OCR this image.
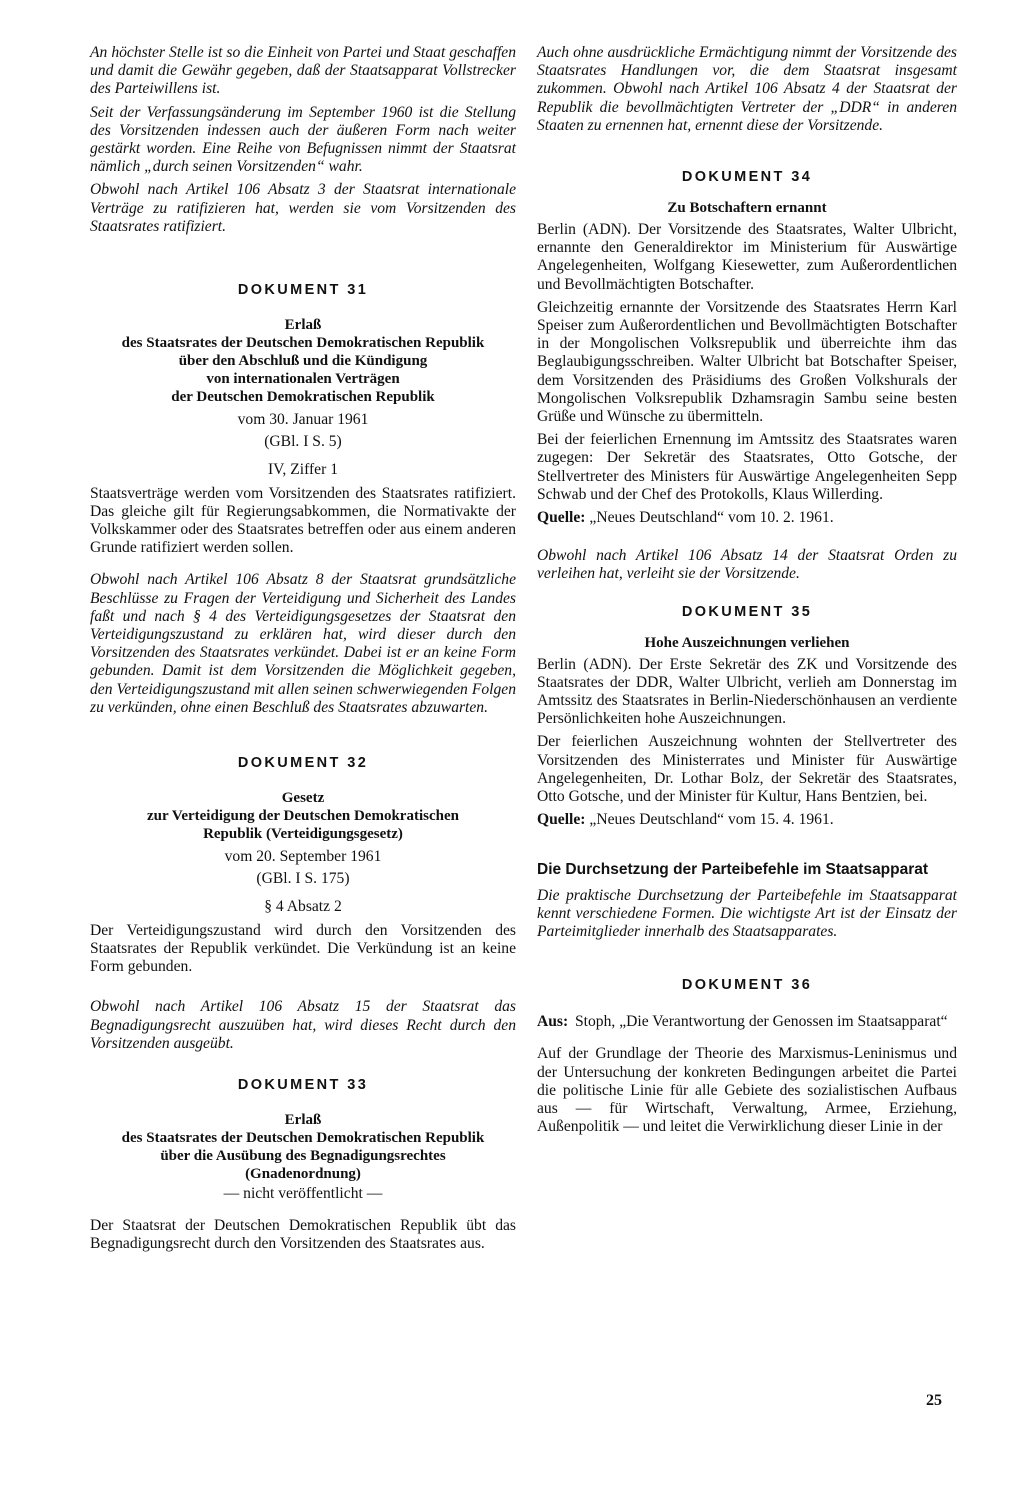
An höchster Stelle ist so die Einheit von Partei und Staat geschaffen und damit die Gewähr gegeben, daß der Staatsapparat Vollstrecker des Parteiwillens ist.

Seit der Verfassungsänderung im September 1960 ist die Stellung des Vorsitzenden indessen auch der äußeren Form nach weiter gestärkt worden. Eine Reihe von Befugnissen nimmt der Staatsrat nämlich „durch seinen Vorsitzenden“ wahr.

Obwohl nach Artikel 106 Absatz 3 der Staatsrat internationale Verträge zu ratifizieren hat, werden sie vom Vorsitzenden des Staatsrates ratifiziert.

DOKUMENT 31
Erlaß
des Staatsrates der Deutschen Demokratischen Republik
über den Abschluß und die Kündigung
von internationalen Verträgen
der Deutschen Demokratischen Republik
vom 30. Januar 1961
(GBl. I S. 5)
IV, Ziffer 1

Staatsverträge werden vom Vorsitzenden des Staatsrates ratifiziert. Das gleiche gilt für Regierungsabkommen, die Normativakte der Volkskammer oder des Staatsrates betreffen oder aus einem anderen Grunde ratifiziert werden sollen.

Obwohl nach Artikel 106 Absatz 8 der Staatsrat grundsätzliche Beschlüsse zu Fragen der Verteidigung und Sicherheit des Landes faßt und nach § 4 des Verteidigungsgesetzes der Staatsrat den Verteidigungszustand zu erklären hat, wird dieser durch den Vorsitzenden des Staatsrates verkündet. Dabei ist er an keine Form gebunden. Damit ist dem Vorsitzenden die Möglichkeit gegeben, den Verteidigungszustand mit allen seinen schwerwiegenden Folgen zu verkünden, ohne einen Beschluß des Staatsrates abzuwarten.

DOKUMENT 32
Gesetz
zur Verteidigung der Deutschen Demokratischen
Republik (Verteidigungsgesetz)
vom 20. September 1961
(GBl. I S. 175)
§ 4 Absatz 2

Der Verteidigungszustand wird durch den Vorsitzenden des Staatsrates der Republik verkündet. Die Verkündung ist an keine Form gebunden.

Obwohl nach Artikel 106 Absatz 15 der Staatsrat das Begnadigungsrecht auszuüben hat, wird dieses Recht durch den Vorsitzenden ausgeübt.

DOKUMENT 33
Erlaß
des Staatsrates der Deutschen Demokratischen Republik
über die Ausübung des Begnadigungsrechtes
(Gnadenordnung)
— nicht veröffentlicht —

Der Staatsrat der Deutschen Demokratischen Republik übt das Begnadigungsrecht durch den Vorsitzenden des Staatsrates aus.

Auch ohne ausdrückliche Ermächtigung nimmt der Vorsitzende des Staatsrates Handlungen vor, die dem Staatsrat insgesamt zukommen. Obwohl nach Artikel 106 Absatz 4 der Staatsrat der Republik die bevollmächtigten Vertreter der „DDR“ in anderen Staaten zu ernennen hat, ernennt diese der Vorsitzende.

DOKUMENT 34
Zu Botschaftern ernannt

Berlin (ADN). Der Vorsitzende des Staatsrates, Walter Ulbricht, ernannte den Generaldirektor im Ministerium für Auswärtige Angelegenheiten, Wolfgang Kiesewetter, zum Außerordentlichen und Bevollmächtigten Botschafter.

Gleichzeitig ernannte der Vorsitzende des Staatsrates Herrn Karl Speiser zum Außerordentlichen und Bevollmächtigten Botschafter in der Mongolischen Volksrepublik und überreichte ihm das Beglaubigungsschreiben. Walter Ulbricht bat Botschafter Speiser, dem Vorsitzenden des Präsidiums des Großen Volkshurals der Mongolischen Volksrepublik Dzhamsragin Sambu seine besten Grüße und Wünsche zu übermitteln.

Bei der feierlichen Ernennung im Amtssitz des Staatsrates waren zugegen: Der Sekretär des Staatsrates, Otto Gotsche, der Stellvertreter des Ministers für Auswärtige Angelegenheiten Sepp Schwab und der Chef des Protokolls, Klaus Willerding.

Quelle: „Neues Deutschland“ vom 10. 2. 1961.

Obwohl nach Artikel 106 Absatz 14 der Staatsrat Orden zu verleihen hat, verleiht sie der Vorsitzende.

DOKUMENT 35
Hohe Auszeichnungen verliehen

Berlin (ADN). Der Erste Sekretär des ZK und Vorsitzende des Staatsrates der DDR, Walter Ulbricht, verlieh am Donnerstag im Amtssitz des Staatsrates in Berlin-Niederschönhausen an verdiente Persönlichkeiten hohe Auszeichnungen.

Der feierlichen Auszeichnung wohnten der Stellvertreter des Vorsitzenden des Ministerrates und Minister für Auswärtige Angelegenheiten, Dr. Lothar Bolz, der Sekretär des Staatsrates, Otto Gotsche, und der Minister für Kultur, Hans Bentzien, bei.

Quelle: „Neues Deutschland“ vom 15. 4. 1961.

Die Durchsetzung der Parteibefehle im Staatsapparat

Die praktische Durchsetzung der Parteibefehle im Staatsapparat kennt verschiedene Formen. Die wichtigste Art ist der Einsatz der Parteimitglieder innerhalb des Staatsapparates.

DOKUMENT 36
Aus: Stoph, „Die Verantwortung der Genossen im Staatsapparat“

Auf der Grundlage der Theorie des Marxismus-Leninismus und der Untersuchung der konkreten Bedingungen arbeitet die Partei die politische Linie für alle Gebiete des sozialistischen Aufbaus aus — für Wirtschaft, Verwaltung, Armee, Erziehung, Außenpolitik — und leitet die Verwirklichung dieser Linie in der

25
